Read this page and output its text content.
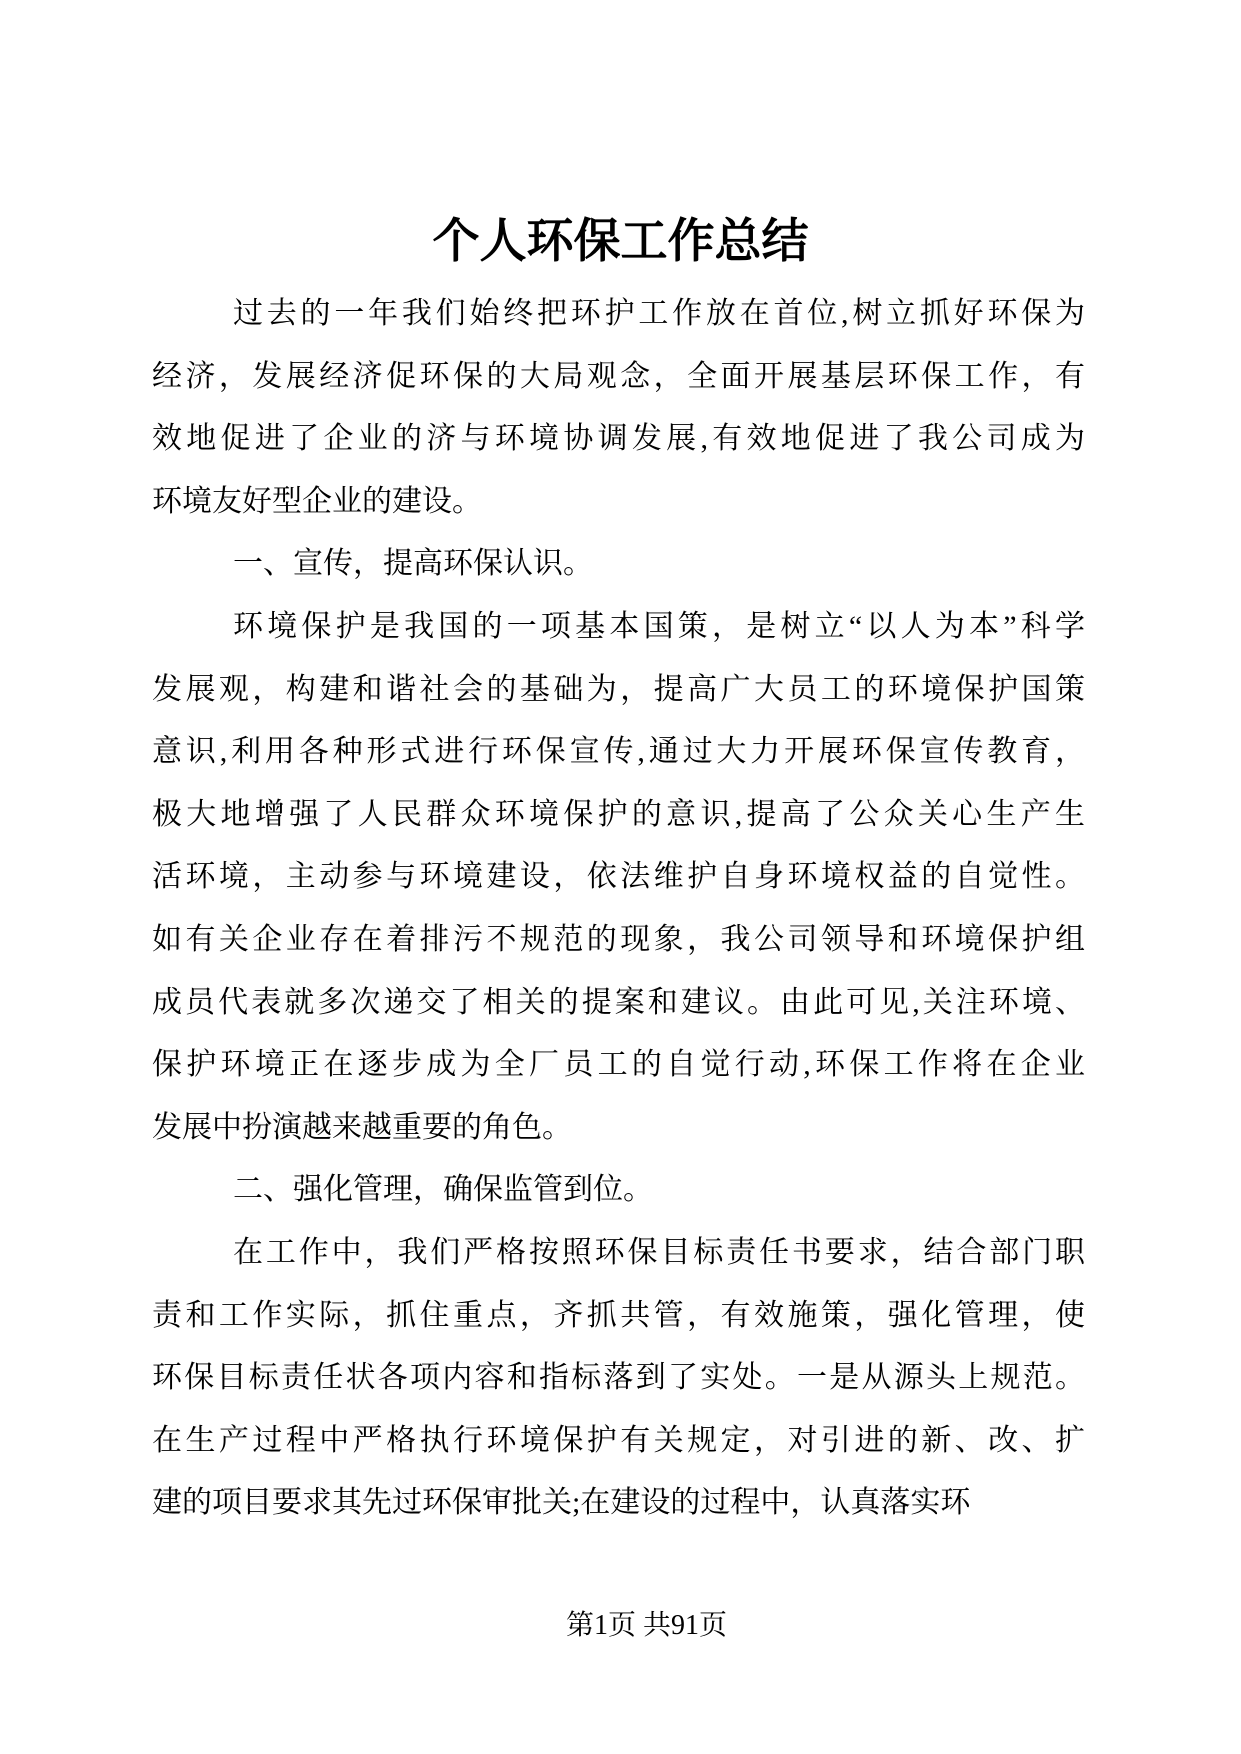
个人环保工作总结
过去的一年我们始终把环护工作放在首位,树立抓好环保为
经济，发展经济促环保的大局观念，全面开展基层环保工作，有
效地促进了企业的济与环境协调发展,有效地促进了我公司成为
环境友好型企业的建设。
一、宣传，提高环保认识。
环境保护是我国的一项基本国策，是树立“以人为本”科学
发展观，构建和谐社会的基础为，提高广大员工的环境保护国策
意识,利用各种形式进行环保宣传,通过大力开展环保宣传教育，
极大地增强了人民群众环境保护的意识,提高了公众关心生产生
活环境，主动参与环境建设，依法维护自身环境权益的自觉性。
如有关企业存在着排污不规范的现象，我公司领导和环境保护组
成员代表就多次递交了相关的提案和建议。由此可见,关注环境、
保护环境正在逐步成为全厂员工的自觉行动,环保工作将在企业
发展中扮演越来越重要的角色。
二、强化管理，确保监管到位。
在工作中，我们严格按照环保目标责任书要求，结合部门职
责和工作实际，抓住重点，齐抓共管，有效施策，强化管理，使
环保目标责任状各项内容和指标落到了实处。一是从源头上规范。
在生产过程中严格执行环境保护有关规定，对引进的新、改、扩
建的项目要求其先过环保审批关;在建设的过程中，认真落实环
第1页 共91页
